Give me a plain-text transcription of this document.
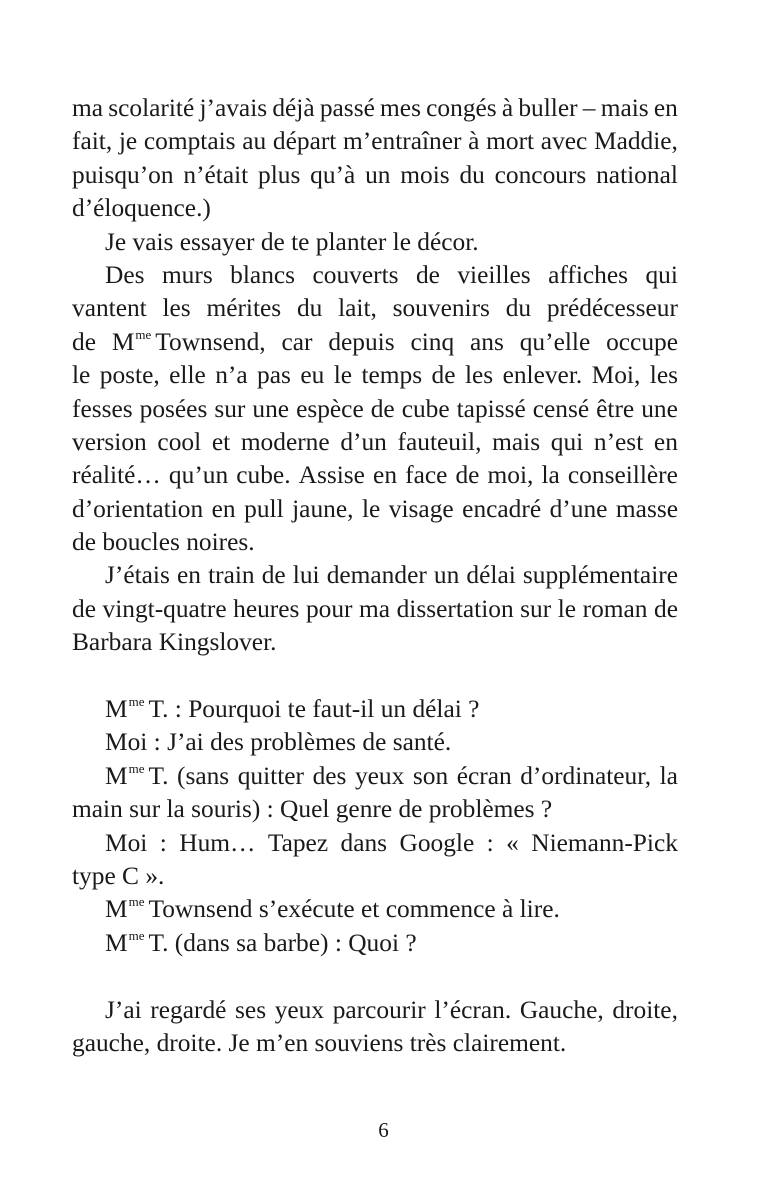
ma scolarité j’avais déjà passé mes congés à buller – mais en
fait, je comptais au départ m’entraîner à mort avec Maddie,
puisqu’on n’était plus qu’à un mois du concours national
d’éloquence.)
Je vais essayer de te planter le décor.
Des murs blancs couverts de vieilles affiches qui
vantent les mérites du lait, souvenirs du prédécesseur
de $M^{me}$ Townsend, car depuis cinq ans qu’elle occupe
le poste, elle n’a pas eu le temps de les enlever. Moi, les
fesses posées sur une espèce de cube tapissé censé être une
version cool et moderne d’un fauteuil, mais qui n’est en
réalité… qu’un cube. Assise en face de moi, la conseillère
d’orientation en pull jaune, le visage encadré d’une masse
de boucles noires.
J’étais en train de lui demander un délai supplémentaire
de vingt-quatre heures pour ma dissertation sur le roman de
Barbara Kingslover.
$M^{me}$ T. : Pourquoi te faut-il un délai ?
Moi : J’ai des problèmes de santé.
$M^{me}$ T. (sans quitter des yeux son écran d’ordinateur, la
main sur la souris) : Quel genre de problèmes ?
Moi : Hum… Tapez dans Google : « Niemann-Pick
type C ».
$M^{me}$ Townsend s’exécute et commence à lire.
$M^{me}$ T. (dans sa barbe) : Quoi ?
J’ai regardé ses yeux parcourir l’écran. Gauche, droite,
gauche, droite. Je m’en souviens très clairement.
6
